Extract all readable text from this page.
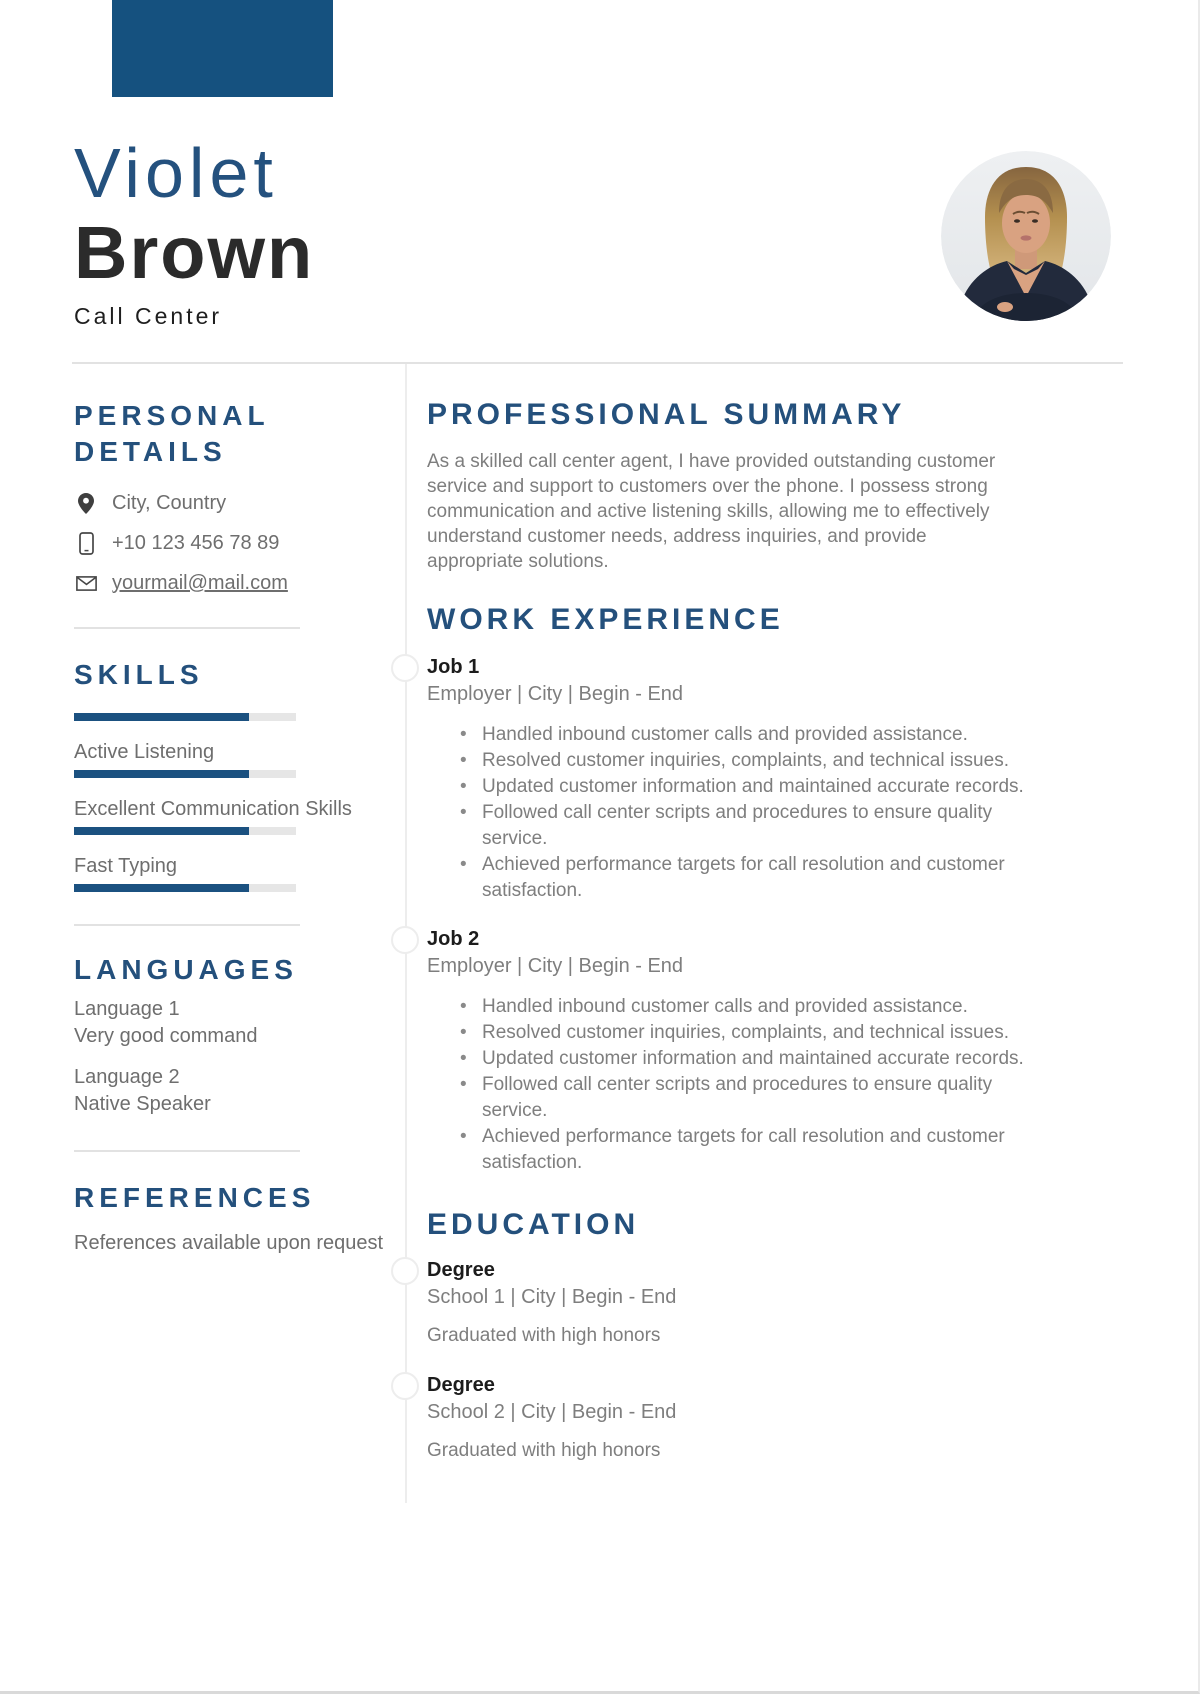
Violet
Brown
Call Center
PERSONAL DETAILS
City, Country
+10 123 456 78 89
yourmail@mail.com
SKILLS
Active Listening
Excellent Communication Skills
Fast Typing
LANGUAGES
Language 1
Very good command
Language 2
Native Speaker
REFERENCES
References available upon request
PROFESSIONAL SUMMARY

As a skilled call center agent, I have provided outstanding customer service and support to customers over the phone. I possess strong communication and active listening skills, allowing me to effectively understand customer needs, address inquiries, and provide appropriate solutions.

WORK EXPERIENCE
Job 1
Employer | City | Begin - End
• Handled inbound customer calls and provided assistance.
• Resolved customer inquiries, complaints, and technical issues.
• Updated customer information and maintained accurate records.
• Followed call center scripts and procedures to ensure quality service.
• Achieved performance targets for call resolution and customer satisfaction.
Job 2
Employer | City | Begin - End
• Handled inbound customer calls and provided assistance.
• Resolved customer inquiries, complaints, and technical issues.
• Updated customer information and maintained accurate records.
• Followed call center scripts and procedures to ensure quality service.
• Achieved performance targets for call resolution and customer satisfaction.
EDUCATION
Degree
School 1 | City | Begin - End
Graduated with high honors
Degree
School 2 | City | Begin - End
Graduated with high honors
